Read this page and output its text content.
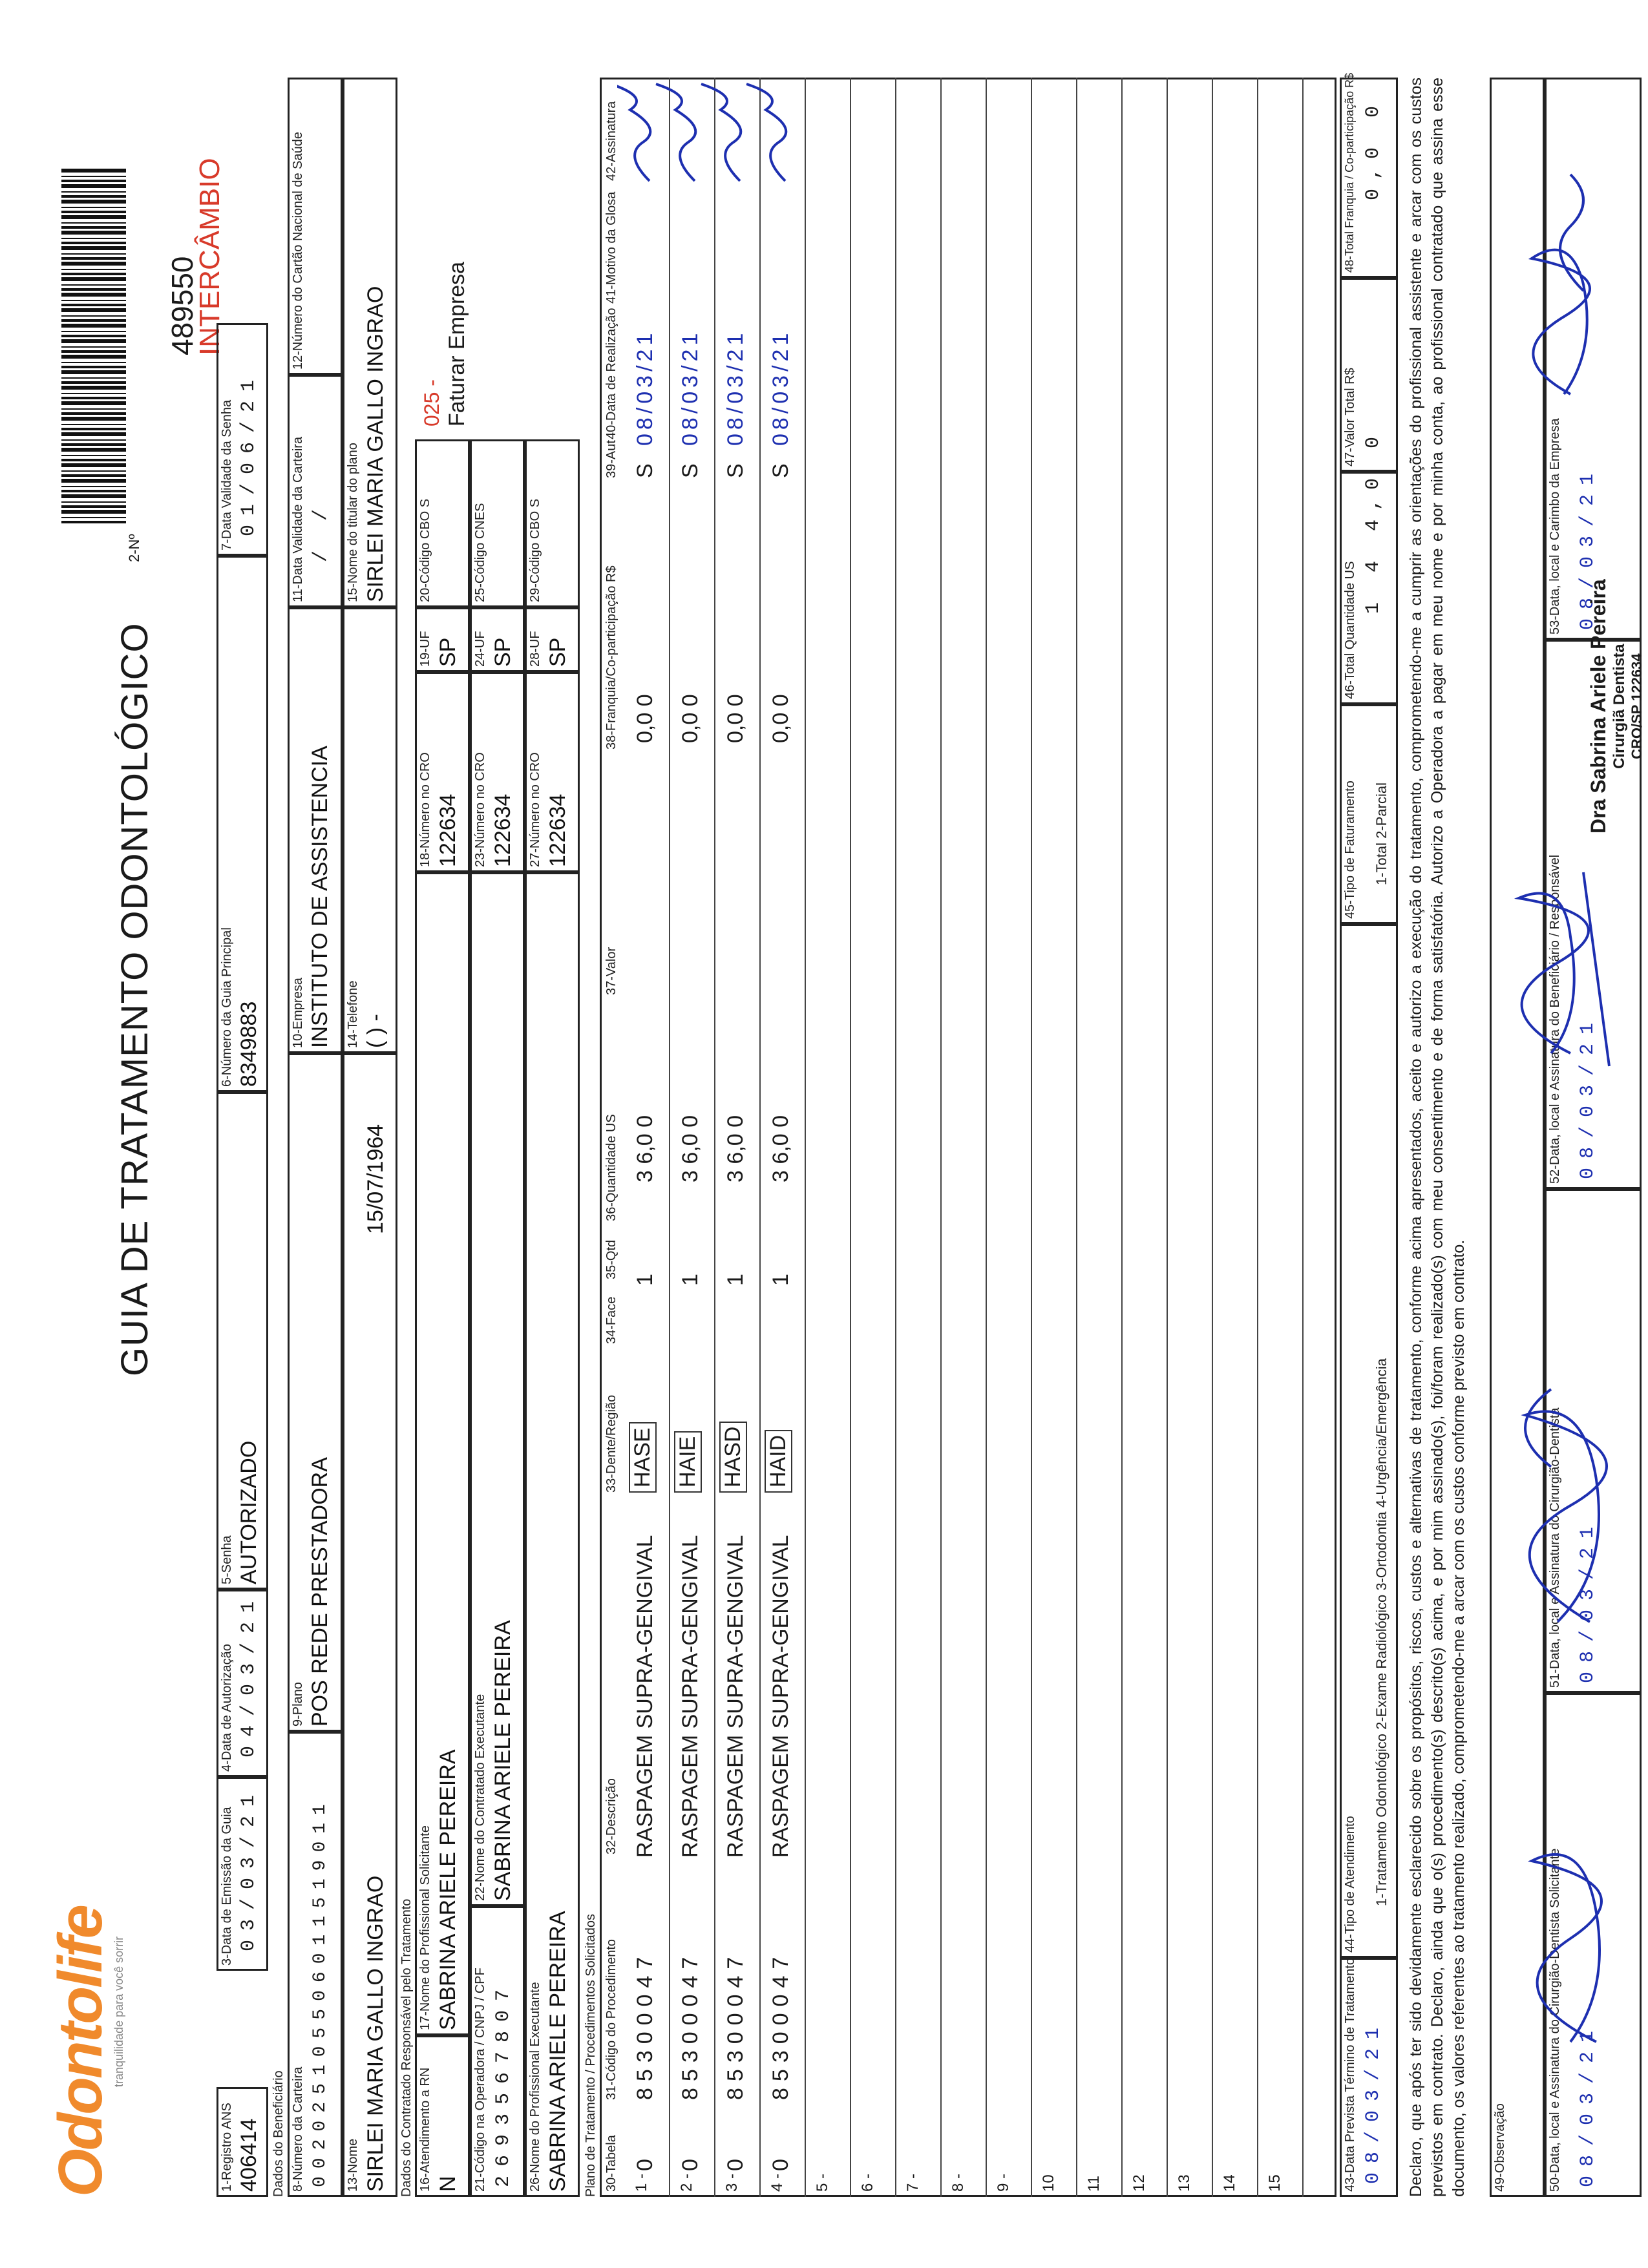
Odontolife
tranquilidade para você sorrir
GUIA DE TRATAMENTO ODONTOLÓGICO
2-Nº
489550
INTERCÂMBIO
1-Registro ANS 406414
3-Data de Emissão da Guia 03/03/21
4-Data de Autorização 04/03/21
5-Senha AUTORIZADO
6-Número da Guia Principal 8349883
7-Data Validade da Senha 01/06/21
Dados do Beneficiário 8-Número da Carteira 002025105506011519011
9-Plano POS REDE PRESTADORA
10-Empresa INSTITUTO DE ASSISTENCIA
11-Data Validade da Carteira / /
12-Número do Cartão Nacional de Saúde
13-Nome SIRLEI MARIA GALLO INGRAO
15/07/1964
14-Telefone ( ) -
15-Nome do titular do plano SIRLEI MARIA GALLO INGRAO
Dados do Contratado Responsável pelo Tratamento 16-Atendimento a RN N
17-Nome do Profissional Solicitante SABRINA ARIELE PEREIRA
18-Número no CRO 122634
19-UF SP
20-Código CBO S
025 - Faturar Empresa
21-Código na Operadora / CNPJ / CPF 2693567807
22-Nome do Contratado Executante SABRINA ARIELE PEREIRA
23-Número no CRO 122634
24-UF SP
25-Código CNES
26-Nome do Profissional Executante SABRINA ARIELE PEREIRA
27-Número no CRO 122634
28-UF SP
29-Código CBO S
Plano de Tratamento / Procedimentos Solicitados 30-Tabela
31-Código do Procedimento
32-Descrição
33-Dente/Região
34-Face
35-Qtd
36-Quantidade US
37-Valor
38-Franquia/Co-participação R$
39-Aut
40-Data de Realização
41-Motivo da Glosa
42-Assinatura
1 -
0
85300047
RASPAGEM SUPRA-GENGIVAL
HASE
1
3 6,0 0
0,0 0
S
08/03/21
2 -
0
85300047
RASPAGEM SUPRA-GENGIVAL
HAIE
1
3 6,0 0
0,0 0
S
08/03/21
3 -
0
85300047
RASPAGEM SUPRA-GENGIVAL
HASD
1
3 6,0 0
0,0 0
S
08/03/21
4 -
0
85300047
RASPAGEM SUPRA-GENGIVAL
HAID
1
3 6,0 0
0,0 0
S
08/03/21
5 - 6 - 7 - 8 - 9 - 10 11 12 13 14 15	43-Data Prevista Término de Tratamento 08/03/21
44-Tipo de Atendimento 1-Tratamento Odontológico 2-Exame Radiológico 3-Ortodontia 4-Urgência/Emergência
45-Tipo de Faturamento 1-Total 2-Parcial
46-Total Quantidade US
1 4 4,0 0
47-Valor Total R$
48-Total Franquia / Co-participação R$ 0,0 0 Declaro, que após ter sido devidamente esclarecido sobre os propósitos, riscos, custos e alternativas de tratamento, conforme acima apresentados, aceito e autorizo a execução do tratamento, comprometendo-me a cumprir as orientações do profissional assistente e arcar com os custos previstos em contrato. Declaro, ainda que o(s) procedimento(s) descrito(s) acima, e por mim assinado(s), foi/foram realizado(s) com meu consentimento e de forma satisfatória. Autorizo a Operadora a pagar em meu nome e por minha conta, ao profissional contratado que assina esse documento, os valores referentes ao tratamento realizado, comprometendo-me a arcar com os custos conforme previsto em contrato. 49-Observação	50-Data, local e Assinatura do Cirurgião-Dentista Solicitante 08/03/21
51-Data, local e Assinatura do Cirurgião-Dentista 08/03/21
52-Data, local e Assinatura do Beneficiário / Responsável 08/03/21
53-Data, local e Carimbo da Empresa 08/03/21
Dra Sabrina Ariele Pereira Cirurgiã Dentista CRO/SP 122634
